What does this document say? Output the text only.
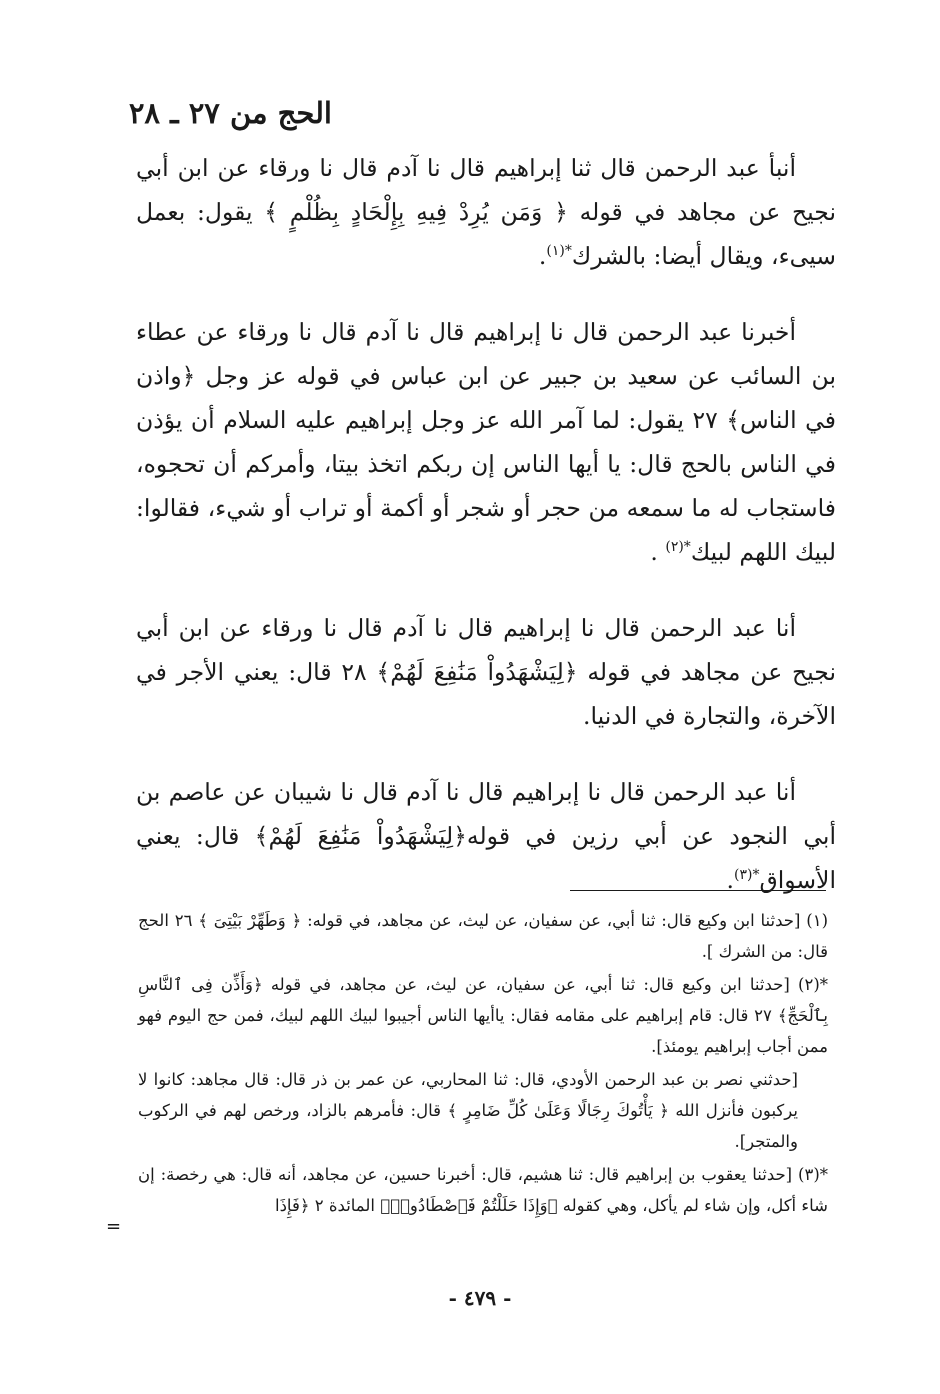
الحج من ٢٧ ـ ٢٨

أنبأ عبد الرحمن قال ثنا إبراهيم قال نا آدم قال نا ورقاء عن ابن أبي نجيح عن مجاهد في قوله ﴿ وَمَن يُرِدْ فِيهِ بِإِلْحَادٍ بِظُلْمٍ ﴾ يقول: بعمل سيىء، ويقال أيضا: بالشرك$^{*(١)}$.

أخبرنا عبد الرحمن قال نا إبراهيم قال نا آدم قال نا ورقاء عن عطاء بن السائب عن سعيد بن جبير عن ابن عباس في قوله عز وجل ﴿واذن في الناس﴾ ٢٧ يقول: لما آمر الله عز وجل إبراهيم عليه السلام أن يؤذن في الناس بالحج قال: يا أيها الناس إن ربكم اتخذ بيتا، وأمركم أن تحجوه، فاستجاب له ما سمعه من حجر أو شجر أو أكمة أو تراب أو شيء، فقالوا: لبيك اللهم لبيك$^{*(٢)}$ .

أنا عبد الرحمن قال نا إبراهيم قال نا آدم قال نا ورقاء عن ابن أبي نجيح عن مجاهد في قوله ﴿لِيَشْهَدُواْ مَنَٰفِعَ لَهُمْ﴾ ٢٨ قال: يعني الأجر في الآخرة، والتجارة في الدنيا.

أنا عبد الرحمن قال نا إبراهيم قال نا آدم قال نا شيبان عن عاصم بن أبي النجود عن أبي رزين في قوله﴿لِيَشْهَدُواْ مَنَٰفِعَ لَهُمْ﴾ قال: يعني الأسواق$^{*(٣)}$.

(١) [حدثنا ابن وكيع قال: ثنا أبي، عن سفيان، عن ليث، عن مجاهد، في قوله: ﴿ وَطَهِّرْ بَيْتِىَ ﴾ ٢٦ الحج قال: من الشرك ].
*(٢) [حدثنا ابن وكيع قال: ثنا أبي، عن سفيان، عن ليث، عن مجاهد، في قوله ﴿وَأَذِّن فِى ٱلنَّاسِ بِٱلْحَجِّ﴾ ٢٧ قال: قام إبراهيم على مقامه فقال: ياأيها الناس أجيبوا لبيك اللهم لبيك، فمن حج اليوم فهو ممن أجاب إبراهيم يومئذ].
[حدثني نصر بن عبد الرحمن الأودي، قال: ثنا المحاربي، عن عمر بن ذر قال: قال مجاهد: كانوا لا يركبون فأنزل الله ﴿ يَأْتُوكَ رِجَالًا وَعَلَىٰ كُلِّ ضَامِرٍ ﴾ قال: فأمرهم بالزاد، ورخص لهم في الركوب والمتجر].
*(٣) [حدثنا يعقوب بن إبراهيم قال: ثنا هشيم، قال: أخبرنا حسين، عن مجاهد، أنه قال: هي رخصة: إن شاء أكل، وإن شاء لم يأكل، وهي كقوله ﴿وَإِذَا حَلَلْتُمْ فَٱصْطَادُوا۟﴾ المائدة ٢ ﴿فَإِذَا
=
- ٤٧٩ -
